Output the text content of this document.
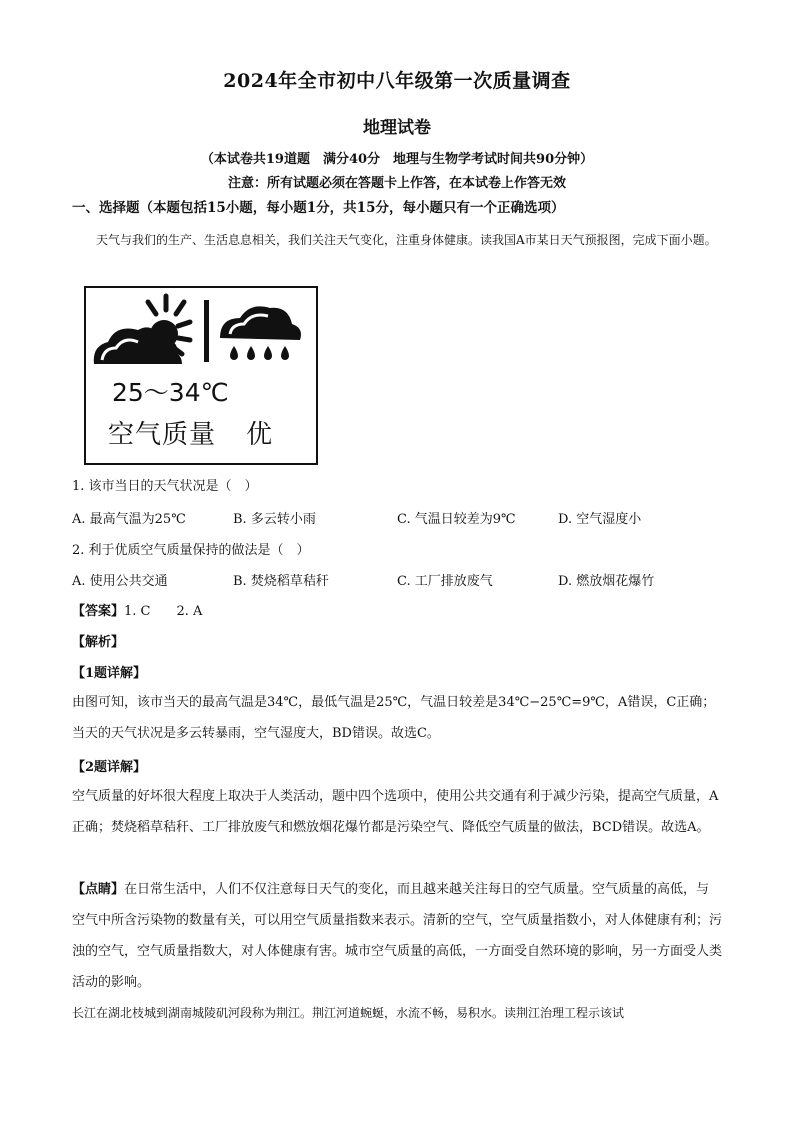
2024年全市初中八年级第一次质量调查
地理试卷
（本试卷共19道题　满分40分　地理与生物学考试时间共90分钟）
注意：所有试题必须在答题卡上作答，在本试卷上作答无效
一、选择题（本题包括15小题，每小题1分，共15分，每小题只有一个正确选项）
天气与我们的生产、生活息息相关，我们关注天气变化，注重身体健康。读我国A市某日天气预报图，完成下面小题。
25～34℃
空气质量 优
1. 该市当日的天气状况是（　）
A. 最高气温为25℃	B. 多云转小雨	C. 气温日较差为9℃	D. 空气湿度小
2. 利于优质空气质量保持的做法是（　）
A. 使用公共交通	B. 焚烧稻草秸秆	C. 工厂排放废气	D. 燃放烟花爆竹
【答案】1. C　　2. A
【解析】
【1题详解】
由图可知，该市当天的最高气温是34℃，最低气温是25℃，气温日较差是34℃−25℃=9℃，A错误，C正确；当天的天气状况是多云转暴雨，空气湿度大，BD错误。故选C。
【2题详解】
空气质量的好坏很大程度上取决于人类活动，题中四个选项中，使用公共交通有利于减少污染，提高空气质量，A正确；焚烧稻草秸秆、工厂排放废气和燃放烟花爆竹都是污染空气、降低空气质量的做法，BCD错误。故选A。
【点睛】在日常生活中，人们不仅注意每日天气的变化，而且越来越关注每日的空气质量。空气质量的高低，与空气中所含污染物的数量有关，可以用空气质量指数来表示。清新的空气，空气质量指数小，对人体健康有利；污浊的空气，空气质量指数大，对人体健康有害。城市空气质量的高低，一方面受自然环境的影响，另一方面受人类活动的影响。
长江在湖北枝城到湖南城陵矶河段称为荆江。荆江河道蜿蜒，水流不畅，易积水。读荆江治理工程示该试
